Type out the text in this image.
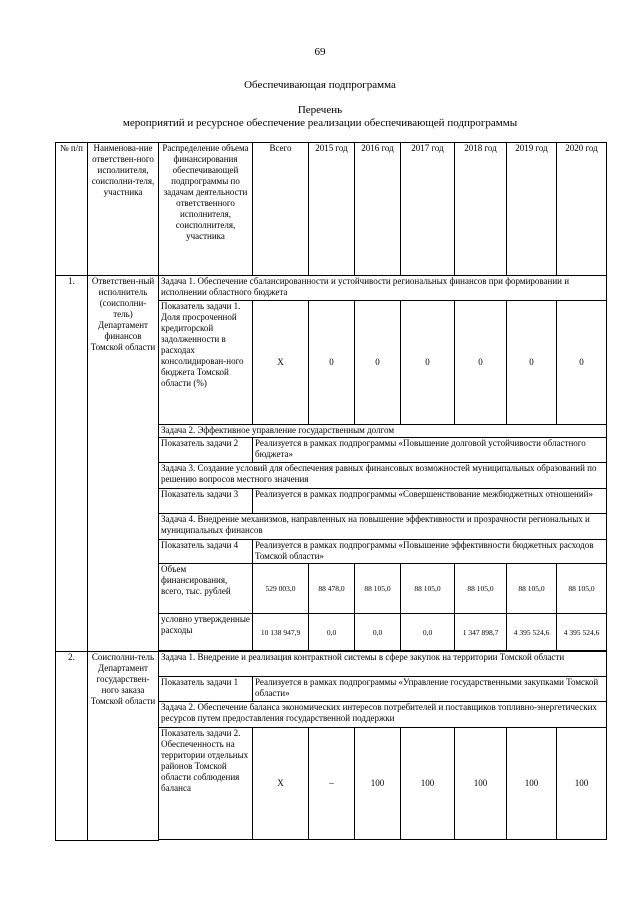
69
Обеспечивающая подпрограмма
Перечень
мероприятий и ресурсное обеспечение реализации обеспечивающей подпрограммы
№ п/п	Наименова-ние ответствен-ного исполнителя, соисполни-теля, участника	Распределение объема финансирования обеспечивающей подпрограммы по задачам деятельности ответственного исполнителя, соисполнителя, участника	Всего	2015 год	2016 год	2017 год	2018 год	2019 год	2020 год
1.	Ответствен-ный исполнитель (соисполни-тель) Департамент финансов Томской области	Задача 1. Обеспечение сбалансированности и устойчивости региональных финансов при формировании и исполнении областного бюджета							
		Показатель задачи 1. Доля просроченной кредиторской задолженности в расходах консолидирован-ного бюджета Томской области (%)	X	0	0	0	0	0	0
		Задача 2. Эффективное управление государственным долгом							
		Показатель задачи 2	Реализуется в рамках подпрограммы «Повышение долговой устойчивости областного бюджета»						
		Задача 3. Создание условий для обеспечения равных финансовых возможностей муниципальных образований по решению вопросов местного значения							
		Показатель задачи 3	Реализуется в рамках подпрограммы «Совершенствование межбюджетных отношений»						
		Задача 4. Внедрение механизмов, направленных на повышение эффективности и прозрачности региональных и муниципальных финансов							
		Показатель задачи 4	Реализуется в рамках подпрограммы «Повышение эффективности бюджетных расходов Томской области»						
		Объем финансирования, всего, тыс. рублей	529 003,0	88 478,0	88 105,0	88 105,0	88 105,0	88 105,0	88 105,0
		условно утвержденные расходы	10 138 947,9	0,0	0,0	0,0	1 347 898,7	4 395 524,6	4 395 524,6

2.	Соисполни-тель Департамент государствен-ного заказа Томской области	Задача 1. Внедрение и реализация контрактной системы в сфере закупок на территории Томской области							
		Показатель задачи 1	Реализуется в рамках подпрограммы «Управление государственными закупками Томской области»						
		Задача 2. Обеспечение баланса экономических интересов потребителей и поставщиков топливно-энергетических ресурсов путем предоставления государственной поддержки							
		Показатель задачи 2. Обеспеченность на территории отдельных районов Томской области соблюдения баланса	X	–	100	100	100	100	100
